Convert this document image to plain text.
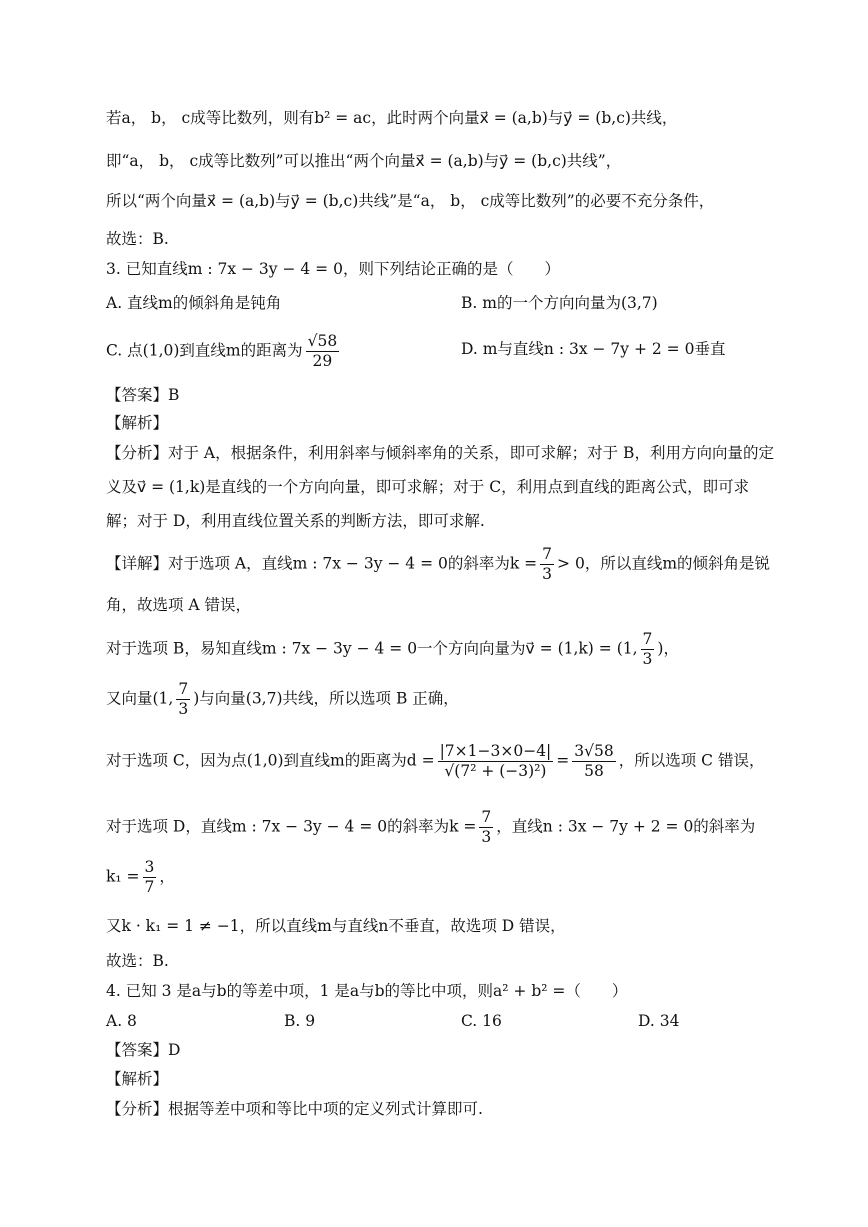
若a， b， c成等比数列，则有b² = ac，此时两个向量x⃗ = (a,b)与y⃗ = (b,c)共线，
即“a， b， c成等比数列”可以推出“两个向量x⃗ = (a,b)与y⃗ = (b,c)共线”，
所以“两个向量x⃗ = (a,b)与y⃗ = (b,c)共线”是“a， b， c成等比数列”的必要不充分条件，
故选：B.
3. 已知直线m : 7x − 3y − 4 = 0，则下列结论正确的是（　　）
【答案】B
【解析】
【分析】对于 A，根据条件，利用斜率与倾斜率角的关系，即可求解；对于 B，利用方向向量的定
义及v⃗ = (1,k)是直线的一个方向向量，即可求解；对于 C，利用点到直线的距离公式，即可求
解；对于 D，利用直线位置关系的判断方法，即可求解.
角，故选项 A 错误，
又k · k₁ = 1 ≠ −1，所以直线m与直线n不垂直，故选项 D 错误，
故选：B.
4. 已知 3 是a与b的等差中项，1 是a与b的等比中项，则a² + b² =（　　）
【答案】D
【解析】
【分析】根据等差中项和等比中项的定义列式计算即可.
A. 直线m的倾斜角是钝角	B. m的一个方向向量为(3,7)
C. 点(1,0)到直线m的距离为 $\frac{√58}{29}$	D. m与直线n : 3x − 7y + 2 = 0垂直
【详解】对于选项 A，直线m : 7x − 3y − 4 = 0的斜率为$k = \frac{7}{3} > 0$，所以直线m的倾斜角是锐
对于选项 B，易知直线m : 7x − 3y − 4 = 0一个方向向量为v⃗ = (1,k) = (1, $\frac{7}{3}$ )，
又向量(1, $\frac{7}{3}$ )与向量(3,7)共线，所以选项 B 正确，
对于选项 C，因为点(1,0)到直线m的距离为$d = \frac{|7\times 1-3\times 0-4|}{\text{√(7² + (−3)²)}} = \frac{3√58}{58}$ ，所以选项 C 错误，
对于选项 D，直线m : 7x − 3y − 4 = 0的斜率为$k = \frac{7}{3}$ ，直线n : 3x − 7y + 2 = 0的斜率为
$k_1 = \frac{3}{7}$ ，
A. 8	B. 9	C. 16	D. 34
